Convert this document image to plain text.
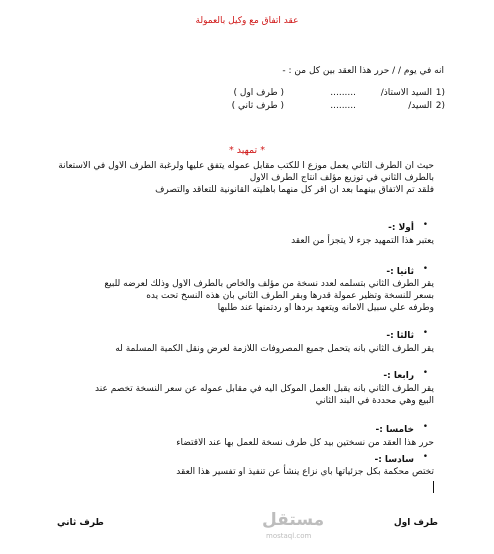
عقد اتفاق مع وكيل بالعمولة
انه في يوم / / حرر هذا العقد بين كل من : -
1)
السيد الاستاذ/
.........
( طرف اول )
2)
السيد/
.........
( طرف ثاني )
* تمهيد *
حيث ان الطرف الثاني يعمل موزع ا للكتب مقابل عموله يتفق عليها ولرغبة الطرف الاول في الاستعانة
بالطرف الثاني في توزيع مؤلف انتاج الطرف الاول
فلقد تم الاتفاق بينهما بعد ان اقر كل منهما باهليته القانونية للتعاقد والتصرف
•
أولا :-
يعتبر هذا التمهيد جزء لا يتجزأ من العقد
•
ثانيا :-
يقر الطرف الثاني بتسلمه لعدد نسخة من مؤلف والخاص بالطرف الاول وذلك لعرضه للبيع
بسعر للنسخة وتظير عمولة قدرها وبقر الطرف الثاني بان هذه النسخ تحت يده
وطرفه علي سبيل الامانه ويتعهد بردها او ردتمنها عند طلبها
•
ثالثا :-
يقر الطرف الثاني بانه يتحمل جميع المصروفات اللازمة لعرض ونقل الكمية المسلمة له
•
رابعا :-
يقر الطرف الثاني بانه يقبل العمل الموكل اليه في مقابل عموله عن سعر النسخة تخصم عند
البيع وهي محددة في البند الثاني
•
خامسا :-
حرر هذا العقد من نسختين بيد كل طرف نسخة للعمل بها عند الاقتضاء
•
سادسا :-
تختص محكمة بكل جزئياتها باي نزاع ينشأ عن تنفيذ او تفسير هذا العقد
مستقل
mostaql.com
طرف اول
طرف ثاني
